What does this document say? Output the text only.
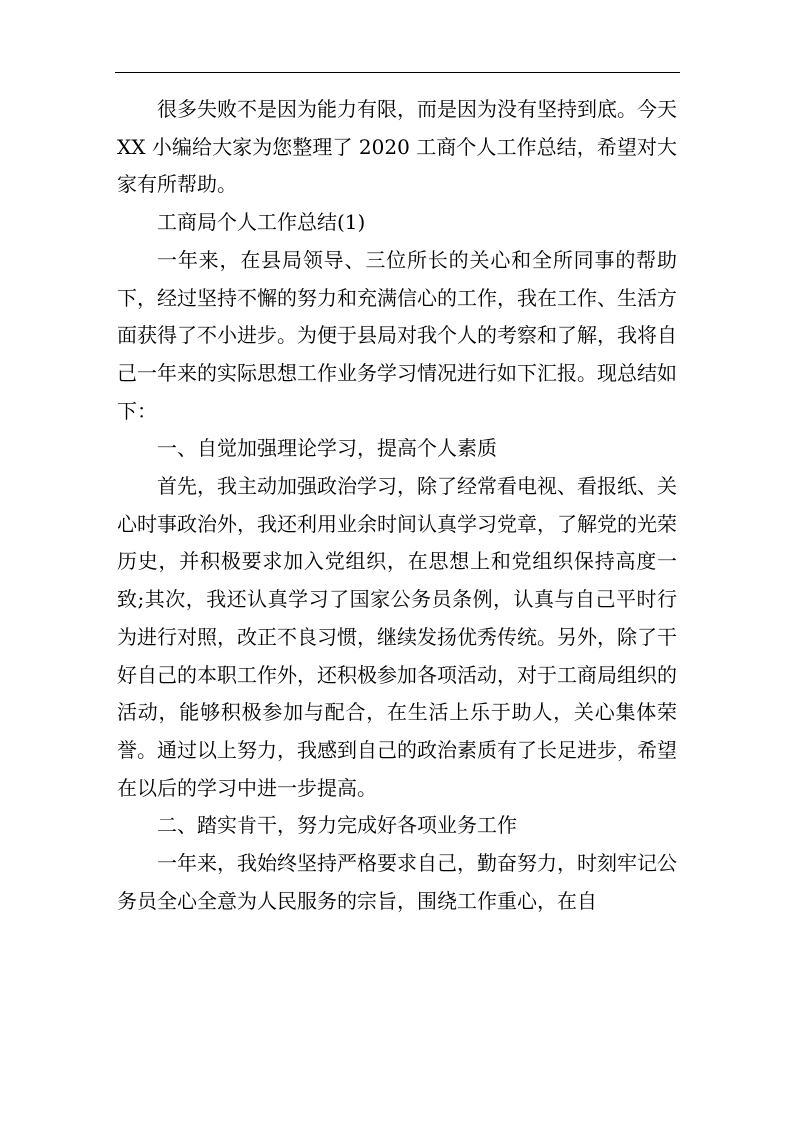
很多失败不是因为能力有限，而是因为没有坚持到底。今天 XX 小编给大家为您整理了 2020 工商个人工作总结，希望对大家有所帮助。

工商局个人工作总结(1)

一年来，在县局领导、三位所长的关心和全所同事的帮助下，经过坚持不懈的努力和充满信心的工作，我在工作、生活方面获得了不小进步。为便于县局对我个人的考察和了解，我将自己一年来的实际思想工作业务学习情况进行如下汇报。现总结如下：

一、自觉加强理论学习，提高个人素质

首先，我主动加强政治学习，除了经常看电视、看报纸、关心时事政治外，我还利用业余时间认真学习党章，了解党的光荣历史，并积极要求加入党组织，在思想上和党组织保持高度一致;其次，我还认真学习了国家公务员条例，认真与自己平时行为进行对照，改正不良习惯，继续发扬优秀传统。另外，除了干好自己的本职工作外，还积极参加各项活动，对于工商局组织的活动，能够积极参加与配合，在生活上乐于助人，关心集体荣誉。通过以上努力，我感到自己的政治素质有了长足进步，希望在以后的学习中进一步提高。

二、踏实肯干，努力完成好各项业务工作

一年来，我始终坚持严格要求自己，勤奋努力，时刻牢记公务员全心全意为人民服务的宗旨，围绕工作重心，在自
